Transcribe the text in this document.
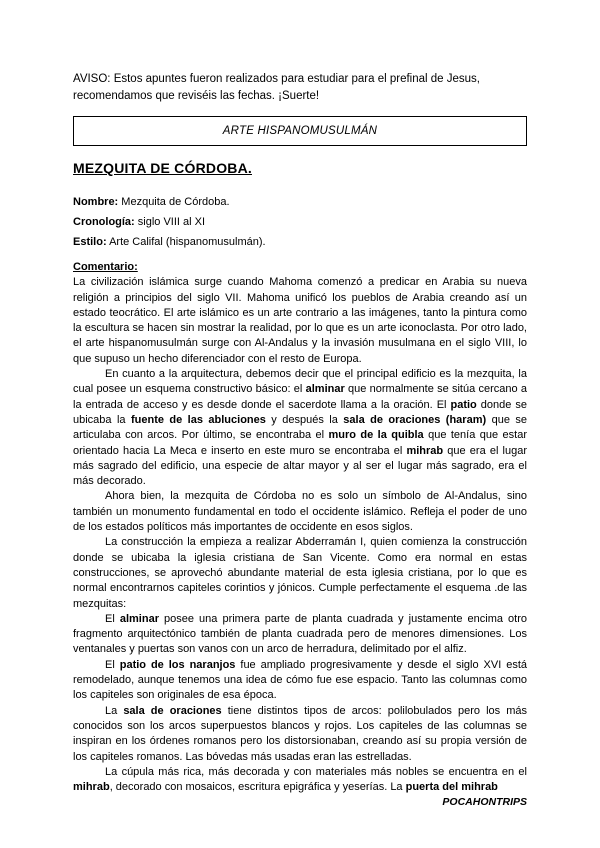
AVISO: Estos apuntes fueron realizados para estudiar para el prefinal de Jesus,
recomendamos que reviséis las fechas. ¡Suerte!
ARTE HISPANOMUSULMÁN
MEZQUITA DE CÓRDOBA.
Nombre: Mezquita de Córdoba.
Cronología: siglo VIII al XI
Estilo: Arte Califal (hispanomusulmán).
Comentario:

La civilización islámica surge cuando Mahoma comenzó a predicar en Arabia su nueva religión a principios del siglo VII. Mahoma unificó los pueblos de Arabia creando así un estado teocrático. El arte islámico es un arte contrario a las imágenes, tanto la pintura como la escultura se hacen sin mostrar la realidad, por lo que es un arte iconoclasta. Por otro lado, el arte hispanomusulmán surge con Al-Andalus y la invasión musulmana en el siglo VIII, lo que supuso un hecho diferenciador con el resto de Europa.

En cuanto a la arquitectura, debemos decir que el principal edificio es la mezquita, la cual posee un esquema constructivo básico: el alminar que normalmente se sitúa cercano a la entrada de acceso y es desde donde el sacerdote llama a la oración. El patio donde se ubicaba la fuente de las abluciones y después la sala de oraciones (haram) que se articulaba con arcos. Por último, se encontraba el muro de la quibla que tenía que estar orientado hacia La Meca e inserto en este muro se encontraba el mihrab que era el lugar más sagrado del edificio, una especie de altar mayor y al ser el lugar más sagrado, era el más decorado.

Ahora bien, la mezquita de Córdoba no es solo un símbolo de Al-Andalus, sino también un monumento fundamental en todo el occidente islámico. Refleja el poder de uno de los estados políticos más importantes de occidente en esos siglos.

La construcción la empieza a realizar Abderramán I, quien comienza la construcción donde se ubicaba la iglesia cristiana de San Vicente. Como era normal en estas construcciones, se aprovechó abundante material de esta iglesia cristiana, por lo que es normal encontrarnos capiteles corintios y jónicos. Cumple perfectamente el esquema .de las mezquitas:

El alminar posee una primera parte de planta cuadrada y justamente encima otro fragmento arquitectónico también de planta cuadrada pero de menores dimensiones. Los ventanales y puertas son vanos con un arco de herradura, delimitado por el alfiz.

El patio de los naranjos fue ampliado progresivamente y desde el siglo XVI está remodelado, aunque tenemos una idea de cómo fue ese espacio. Tanto las columnas como los capiteles son originales de esa época.

La sala de oraciones tiene distintos tipos de arcos: polilobulados pero los más conocidos son los arcos superpuestos blancos y rojos. Los capiteles de las columnas se inspiran en los órdenes romanos pero los distorsionaban, creando así su propia versión de los capiteles romanos. Las bóvedas más usadas eran las estrelladas.

La cúpula más rica, más decorada y con materiales más nobles se encuentra en el mihrab, decorado con mosaicos, escritura epigráfica y yeserías. La puerta del mihrab

POCAHONTRIPS
